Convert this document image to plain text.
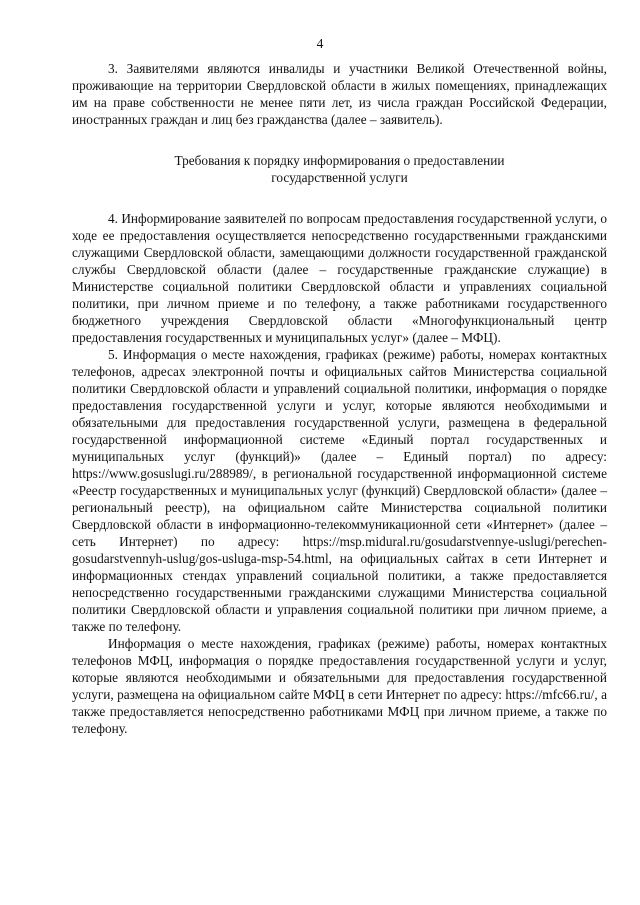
4

3. Заявителями являются инвалиды и участники Великой Отечественной войны, проживающие на территории Свердловской области в жилых помещениях, принадлежащих им на праве собственности не менее пяти лет, из числа граждан Российской Федерации, иностранных граждан и лиц без гражданства (далее – заявитель).

Требования к порядку информирования о предоставлении
государственной услуги

4. Информирование заявителей по вопросам предоставления государственной услуги, о ходе ее предоставления осуществляется непосредственно государственными гражданскими служащими Свердловской области, замещающими должности государственной гражданской службы Свердловской области (далее – государственные гражданские служащие) в Министерстве социальной политики Свердловской области и управлениях социальной политики, при личном приеме и по телефону, а также работниками государственного бюджетного учреждения Свердловской области «Многофункциональный центр предоставления государственных и муниципальных услуг» (далее – МФЦ).

5. Информация о месте нахождения, графиках (режиме) работы, номерах контактных телефонов, адресах электронной почты и официальных сайтов Министерства социальной политики Свердловской области и управлений социальной политики, информация о порядке предоставления государственной услуги и услуг, которые являются необходимыми и обязательными для предоставления государственной услуги, размещена в федеральной государственной информационной системе «Единый портал государственных и муниципальных услуг (функций)» (далее – Единый портал) по адресу: https://www.gosuslugi.ru/288989/, в региональной государственной информационной системе «Реестр государственных и муниципальных услуг (функций) Свердловской области» (далее – региональный реестр), на официальном сайте Министерства социальной политики Свердловской области в информационно-телекоммуникационной сети «Интернет» (далее – сеть Интернет) по адресу: https://msp.midural.ru/gosudarstvennye-uslugi/perechen-gosudarstvennyh-uslug/gos-usluga-msp-54.html, на официальных сайтах в сети Интернет и информационных стендах управлений социальной политики, а также предоставляется непосредственно государственными гражданскими служащими Министерства социальной политики Свердловской области и управления социальной политики при личном приеме, а также по телефону.

Информация о месте нахождения, графиках (режиме) работы, номерах контактных телефонов МФЦ, информация о порядке предоставления государственной услуги и услуг, которые являются необходимыми и обязательными для предоставления государственной услуги, размещена на официальном сайте МФЦ в сети Интернет по адресу: https://mfc66.ru/, а также предоставляется непосредственно работниками МФЦ при личном приеме, а также по телефону.
